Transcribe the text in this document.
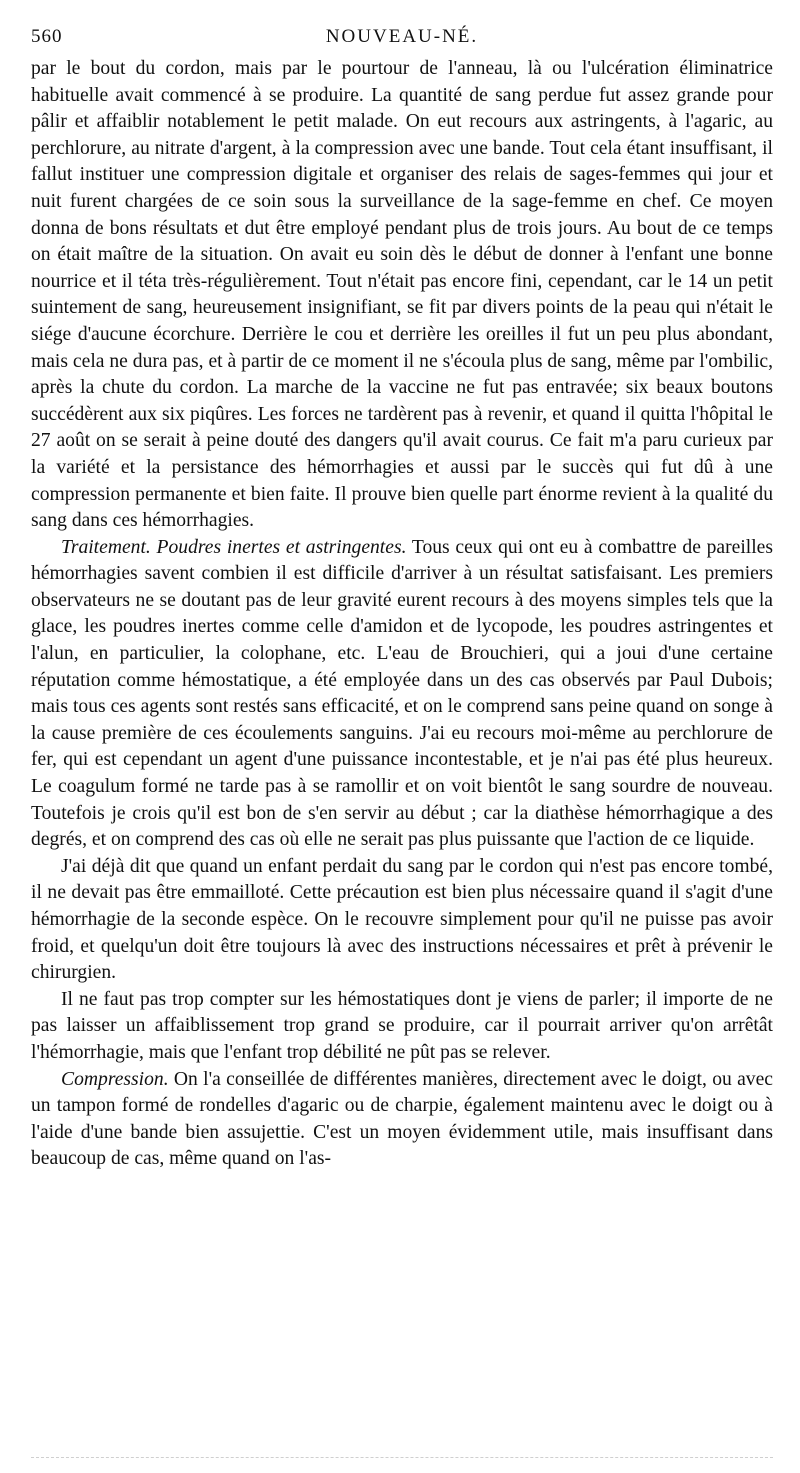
560	NOUVEAU-NÉ.

par le bout du cordon, mais par le pourtour de l'anneau, là ou l'ulcération éliminatrice habituelle avait commencé à se produire. La quantité de sang perdue fut assez grande pour pâlir et affaiblir notablement le petit malade. On eut recours aux astringents, à l'agaric, au perchlorure, au nitrate d'argent, à la compression avec une bande. Tout cela étant insuffisant, il fallut instituer une compression digitale et organiser des relais de sages-femmes qui jour et nuit furent chargées de ce soin sous la surveillance de la sage-femme en chef. Ce moyen donna de bons résultats et dut être employé pendant plus de trois jours. Au bout de ce temps on était maître de la situation. On avait eu soin dès le début de donner à l'enfant une bonne nourrice et il téta très-régulièrement. Tout n'était pas encore fini, cependant, car le 14 un petit suintement de sang, heureusement insignifiant, se fit par divers points de la peau qui n'était le siége d'aucune écorchure. Derrière le cou et derrière les oreilles il fut un peu plus abondant, mais cela ne dura pas, et à partir de ce moment il ne s'écoula plus de sang, même par l'ombilic, après la chute du cordon. La marche de la vaccine ne fut pas entravée; six beaux boutons succédèrent aux six piqûres. Les forces ne tardèrent pas à revenir, et quand il quitta l'hôpital le 27 août on se serait à peine douté des dangers qu'il avait courus. Ce fait m'a paru curieux par la variété et la persistance des hémorrhagies et aussi par le succès qui fut dû à une compression permanente et bien faite. Il prouve bien quelle part énorme revient à la qualité du sang dans ces hémorrhagies.

Traitement. Poudres inertes et astringentes. Tous ceux qui ont eu à combattre de pareilles hémorrhagies savent combien il est difficile d'arriver à un résultat satisfaisant. Les premiers observateurs ne se doutant pas de leur gravité eurent recours à des moyens simples tels que la glace, les poudres inertes comme celle d'amidon et de lycopode, les poudres astringentes et l'alun, en particulier, la colophane, etc. L'eau de Brouchieri, qui a joui d'une certaine réputation comme hémostatique, a été employée dans un des cas observés par Paul Dubois; mais tous ces agents sont restés sans efficacité, et on le comprend sans peine quand on songe à la cause première de ces écoulements sanguins. J'ai eu recours moi-même au perchlorure de fer, qui est cependant un agent d'une puissance incontestable, et je n'ai pas été plus heureux. Le coagulum formé ne tarde pas à se ramollir et on voit bientôt le sang sourdre de nouveau. Toutefois je crois qu'il est bon de s'en servir au début ; car la diathèse hémorrhagique a des degrés, et on comprend des cas où elle ne serait pas plus puissante que l'action de ce liquide.

J'ai déjà dit que quand un enfant perdait du sang par le cordon qui n'est pas encore tombé, il ne devait pas être emmailloté. Cette précaution est bien plus nécessaire quand il s'agit d'une hémorrhagie de la seconde espèce. On le recouvre simplement pour qu'il ne puisse pas avoir froid, et quelqu'un doit être toujours là avec des instructions nécessaires et prêt à prévenir le chirurgien.

Il ne faut pas trop compter sur les hémostatiques dont je viens de parler; il importe de ne pas laisser un affaiblissement trop grand se produire, car il pourrait arriver qu'on arrêtât l'hémorrhagie, mais que l'enfant trop débilité ne pût pas se relever.

Compression. On l'a conseillée de différentes manières, directement avec le doigt, ou avec un tampon formé de rondelles d'agaric ou de charpie, également maintenu avec le doigt ou à l'aide d'une bande bien assujettie. C'est un moyen évidemment utile, mais insuffisant dans beaucoup de cas, même quand on l'as-
